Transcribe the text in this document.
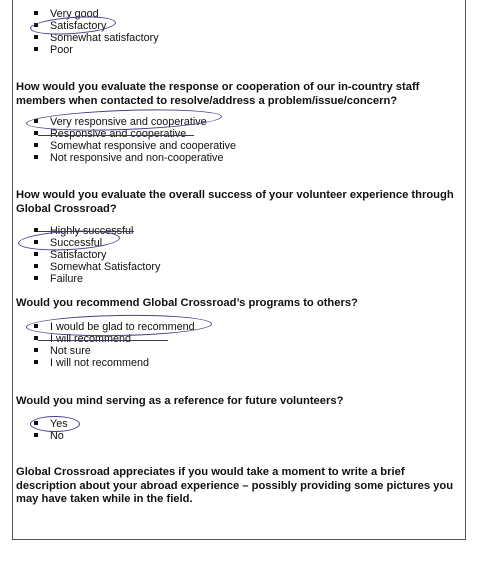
Very good
Satisfactory
Somewhat satisfactory
Poor
How would you evaluate the response or cooperation of our in-country staff members when contacted to resolve/address a problem/issue/concern?
Very responsive and cooperative
Responsive and cooperative
Somewhat responsive and cooperative
Not responsive and non-cooperative
How would you evaluate the overall success of your volunteer experience through Global Crossroad?
Highly successful
Successful
Satisfactory
Somewhat Satisfactory
Failure
Would you recommend Global Crossroad’s programs to others?
I would be glad to recommend
I will recommend
Not sure
I will not recommend
Would you mind serving as a reference for future volunteers?
Yes
No
Global Crossroad appreciates if you would take a moment to write a brief description about your abroad experience – possibly providing some pictures you may have taken while in the field.
